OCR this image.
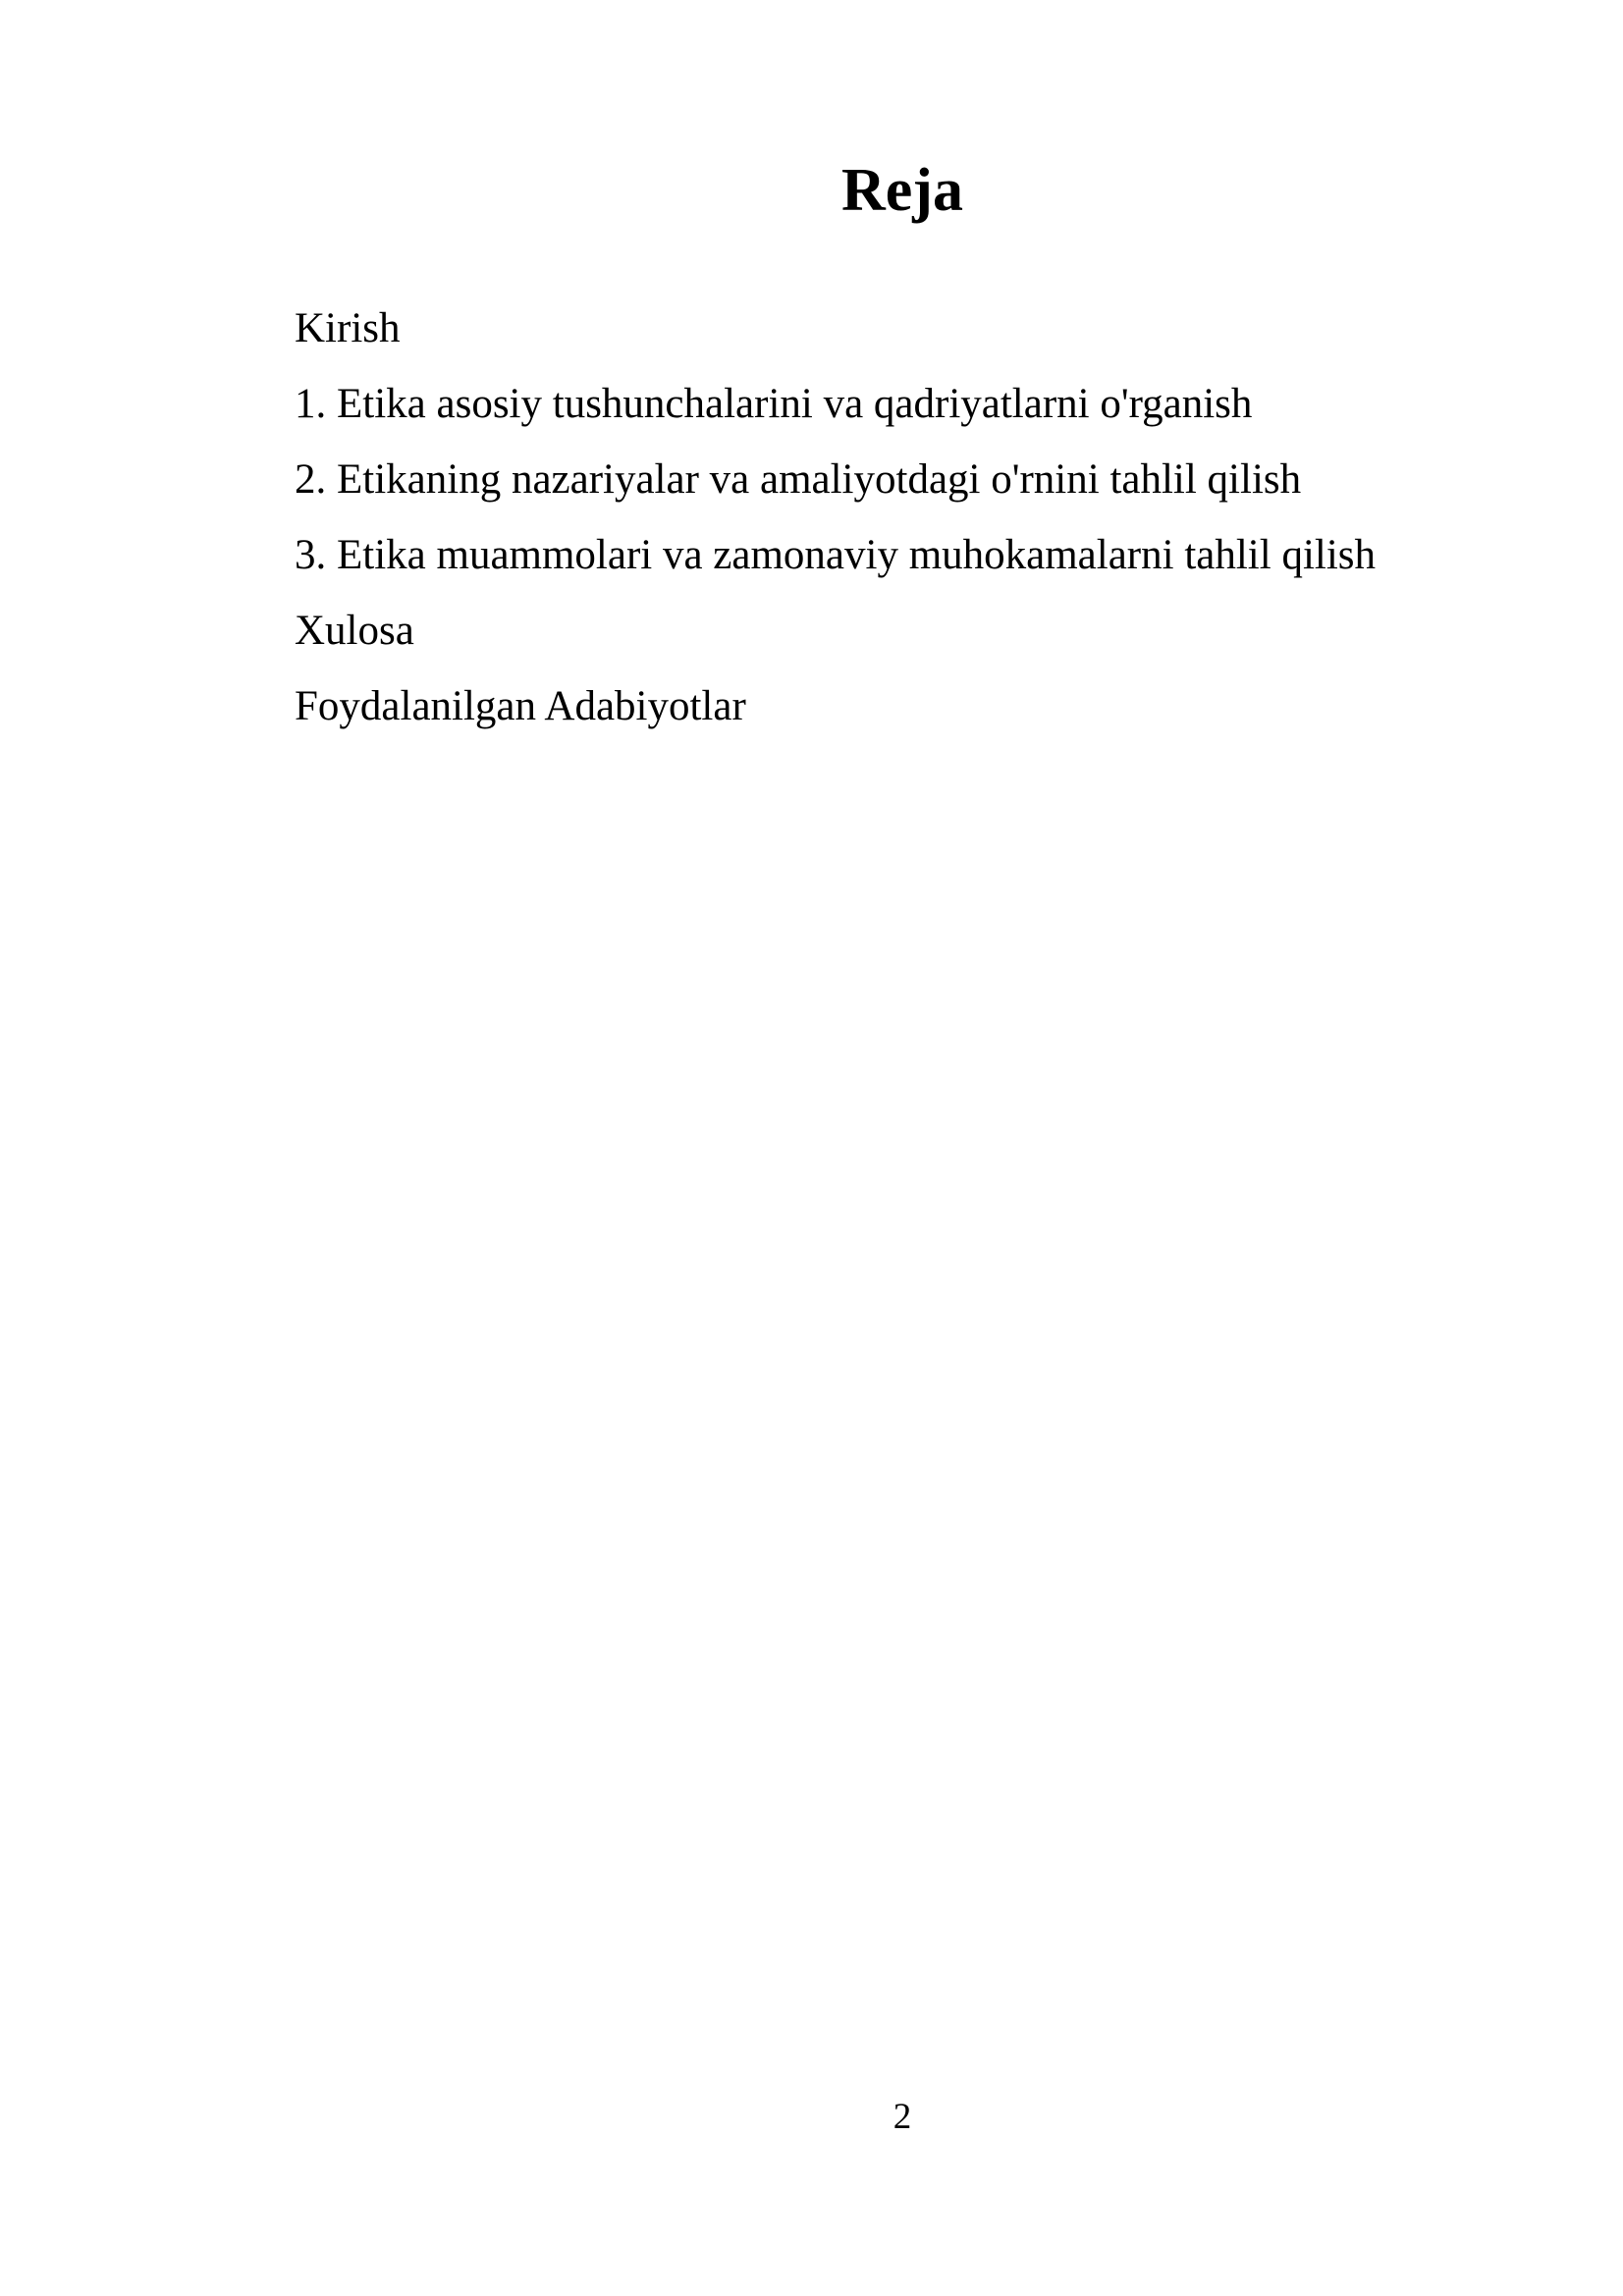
Reja
Kirish
1. Etika asosiy tushunchalarini va qadriyatlarni o'rganish
2. Etikaning nazariyalar va amaliyotdagi o'rnini tahlil qilish
3. Etika muammolari va zamonaviy muhokamalarni tahlil qilish
Xulosa
Foydalanilgan Adabiyotlar
2
